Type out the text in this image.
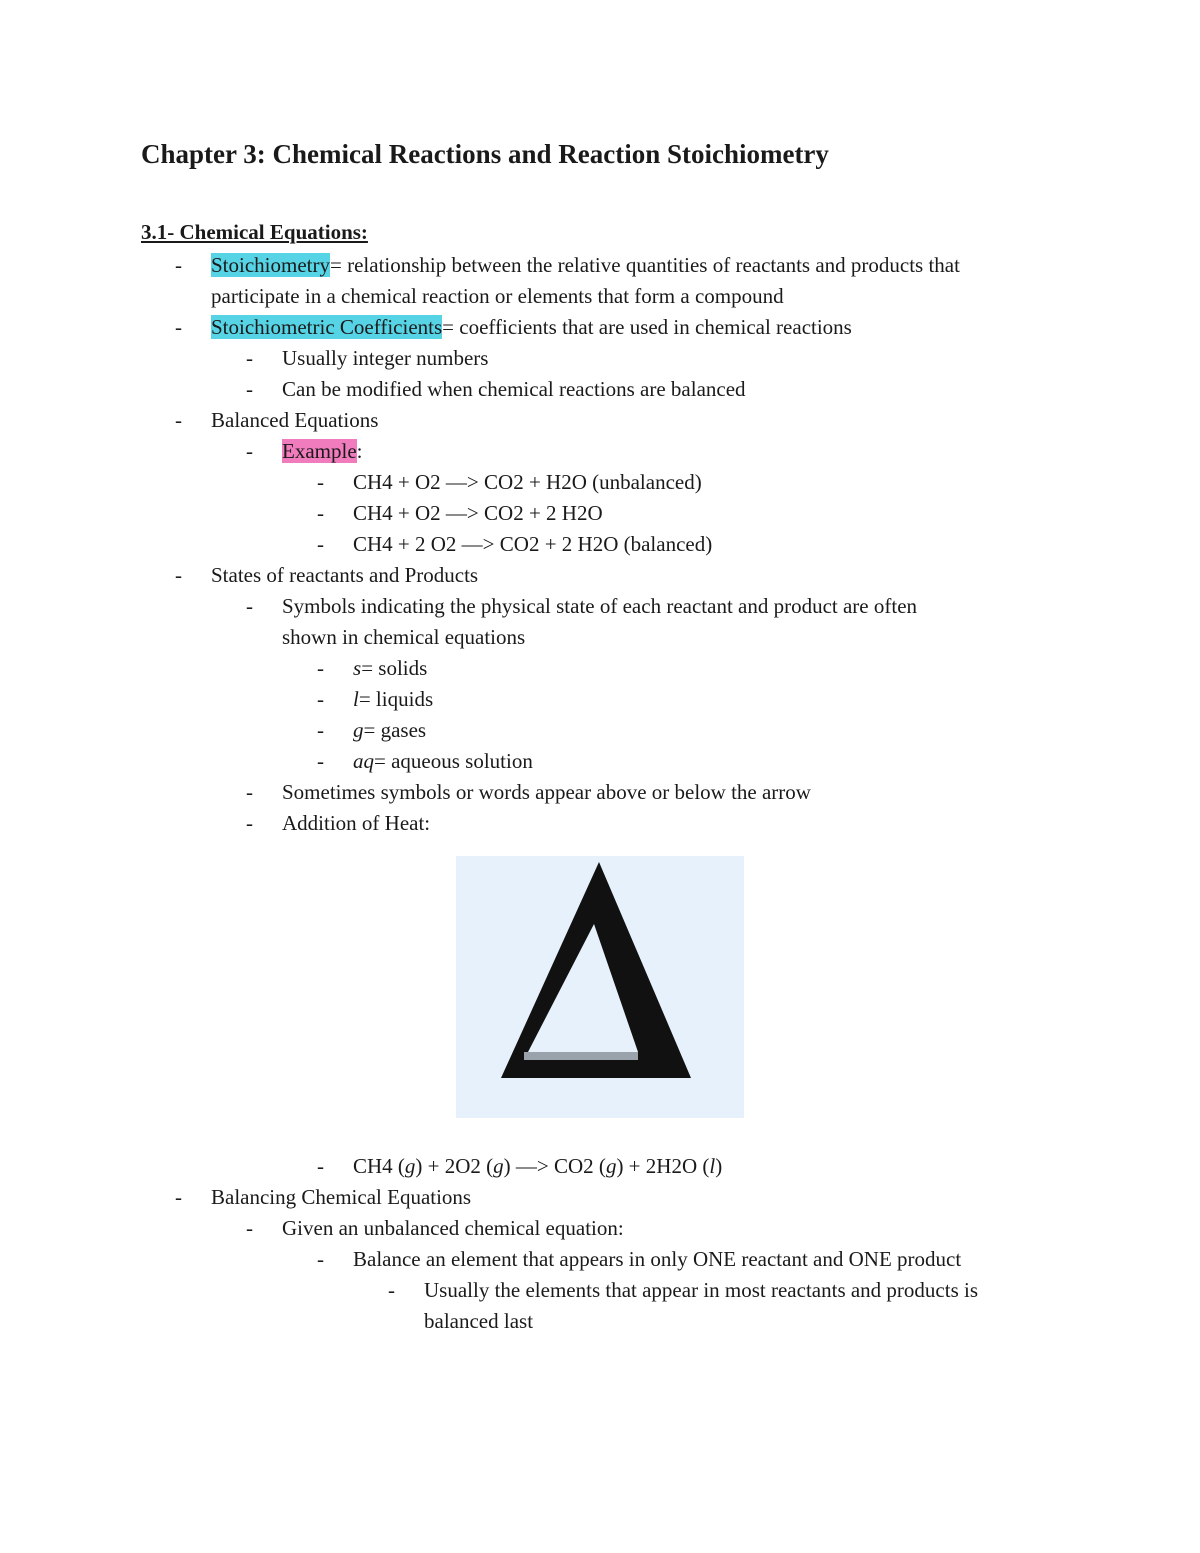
Chapter 3: Chemical Reactions and Reaction Stoichiometry
3.1- Chemical Equations:
- Stoichiometry= relationship between the relative quantities of reactants and products that
participate in a chemical reaction or elements that form a compound
- Stoichiometric Coefficients= coefficients that are used in chemical reactions
- Usually integer numbers
- Can be modified when chemical reactions are balanced
- Balanced Equations
- Example:
- CH4 + O2 —> CO2 + H2O (unbalanced)
- CH4 + O2 —> CO2 + 2 H2O
- CH4 + 2 O2 —> CO2 + 2 H2O (balanced)
- States of reactants and Products
- Symbols indicating the physical state of each reactant and product are often
shown in chemical equations
- s= solids
- l= liquids
- g= gases
- aq= aqueous solution
- Sometimes symbols or words appear above or below the arrow
- Addition of Heat:
- CH4 (g) + 2O2 (g) —> CO2 (g) + 2H2O (l)
- Balancing Chemical Equations
- Given an unbalanced chemical equation:
- Balance an element that appears in only ONE reactant and ONE product
- Usually the elements that appear in most reactants and products is
balanced last
